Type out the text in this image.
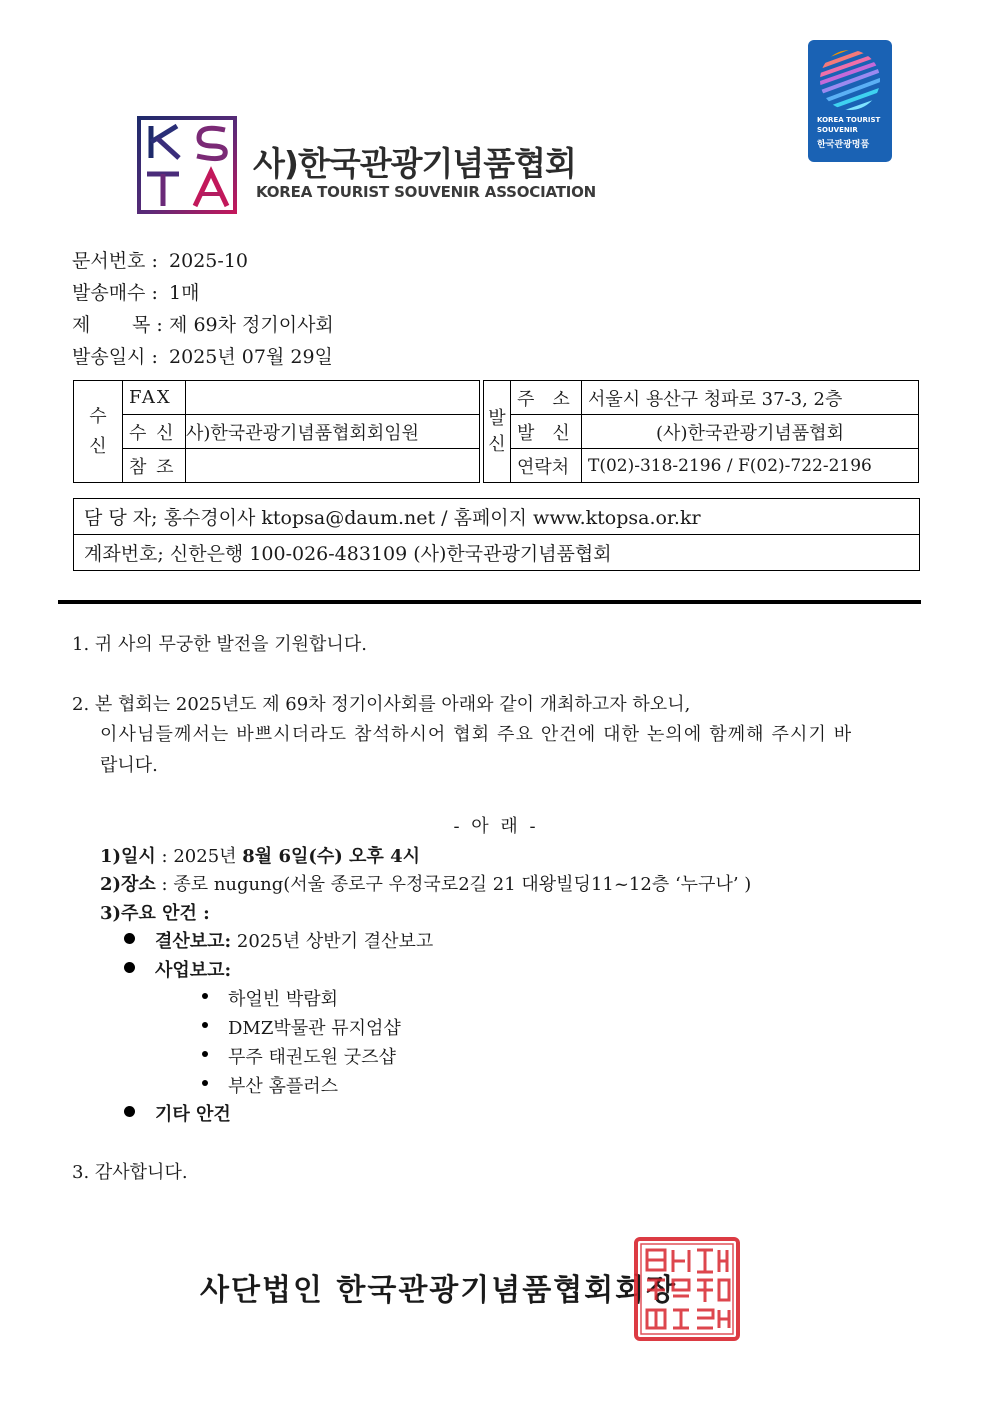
사)한국관광기념품협회
KOREA TOURIST SOUVENIR ASSOCIATION
KOREA TOURIST
SOUVENIR
한국관광명품
문서번호 : 2025-10
발송매수 : 1매
제 목 : 제 69차 정기이사회
발송일시 : 2025년 07월 29일
수
신	FAX	
	수 신	사)한국관광기념품협회회임원
	참 조	
발
신	주　소	서울시 용산구 청파로 37-3, 2층
	발　신	(사)한국관광기념품협회
	연락처	T(02)-318-2196 / F(02)-722-2196
담 당 자; 홍수경이사 ktopsa@daum.net / 홈페이지 www.ktopsa.or.kr
계좌번호; 신한은행 100-026-483109 (사)한국관광기념품협회
1. 귀 사의 무궁한 발전을 기원합니다.
2. 본 협회는 2025년도 제 69차 정기이사회를 아래와 같이 개최하고자 하오니,
이사님들께서는 바쁘시더라도 참석하시어 협회 주요 안건에 대한 논의에 함께해 주시기 바
랍니다.
- 아 래 -
1)일시 : 2025년 8월 6일(수) 오후 4시
2)장소 : 종로 nugung(서울 종로구 우정국로2길 21 대왕빌딩11~12층 ‘누구나’ )
3)주요 안건 :
결산보고: 2025년 상반기 결산보고
사업보고:
하얼빈 박람회
DMZ박물관 뮤지엄샵
무주 태권도원 굿즈샵
부산 홈플러스
기타 안건
3. 감사합니다.
사단법인 한국관광기념품협회회장
